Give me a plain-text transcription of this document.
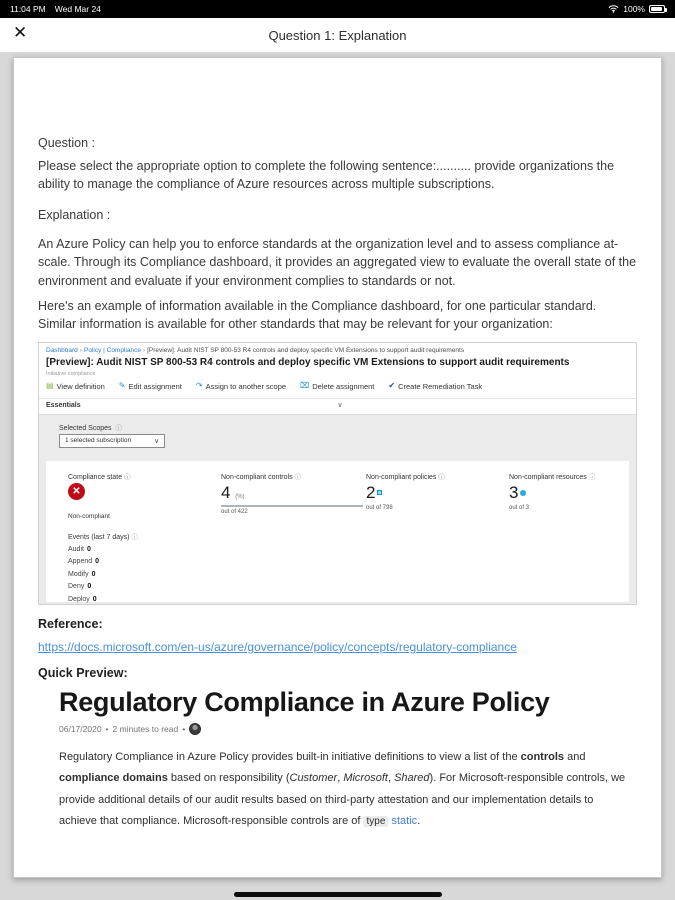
11:04 PM Wed Mar 24	100%
✕	Question 1: Explanation
Question :
Please select the appropriate option to complete the following sentence:.......... provide organizations the ability to manage the compliance of Azure resources across multiple subscriptions.
Explanation :
An Azure Policy can help you to enforce standards at the organization level and to assess compliance at-scale. Through its Compliance dashboard, it provides an aggregated view to evaluate the overall state of the environment and evaluate if your environment complies to standards or not.
Here's an example of information available in the Compliance dashboard, for one particular standard. Similar information is available for other standards that may be relevant for your organization:
Dashboard › Policy | Compliance › [Preview]: Audit NIST SP 800-53 R4 controls and deploy specific VM Extensions to support audit requirements
[Preview]: Audit NIST SP 800-53 R4 controls and deploy specific VM Extensions to support audit requirements
Initiative compliance
▤ View definition ✎ Edit assignment ↷ Assign to another scope ⌧ Delete assignment ✔ Create Remediation Task
Essentials	∨
Selected Scopes ⓘ
1 selected subscription	∨
Compliance state ⓘ
✕
Non-compliant
Non-compliant controls ⓘ
4 (%)
out of 422
Non-compliant policies ⓘ
2
out of 798
Non-compliant resources ⓘ
3
out of 3
Events (last 7 days) ⓘ
Audit 0
Append 0
Modify 0
Deny 0
Deploy 0
Reference:
https://docs.microsoft.com/en-us/azure/governance/policy/concepts/regulatory-compliance
Quick Preview:
Regulatory Compliance in Azure Policy
06/17/2020 • 2 minutes to read •
Regulatory Compliance in Azure Policy provides built-in initiative definitions to view a list of the controls and compliance domains based on responsibility (Customer, Microsoft, Shared). For Microsoft-responsible controls, we provide additional details of our audit results based on third-party attestation and our implementation details to achieve that compliance. Microsoft-responsible controls are of type static.
